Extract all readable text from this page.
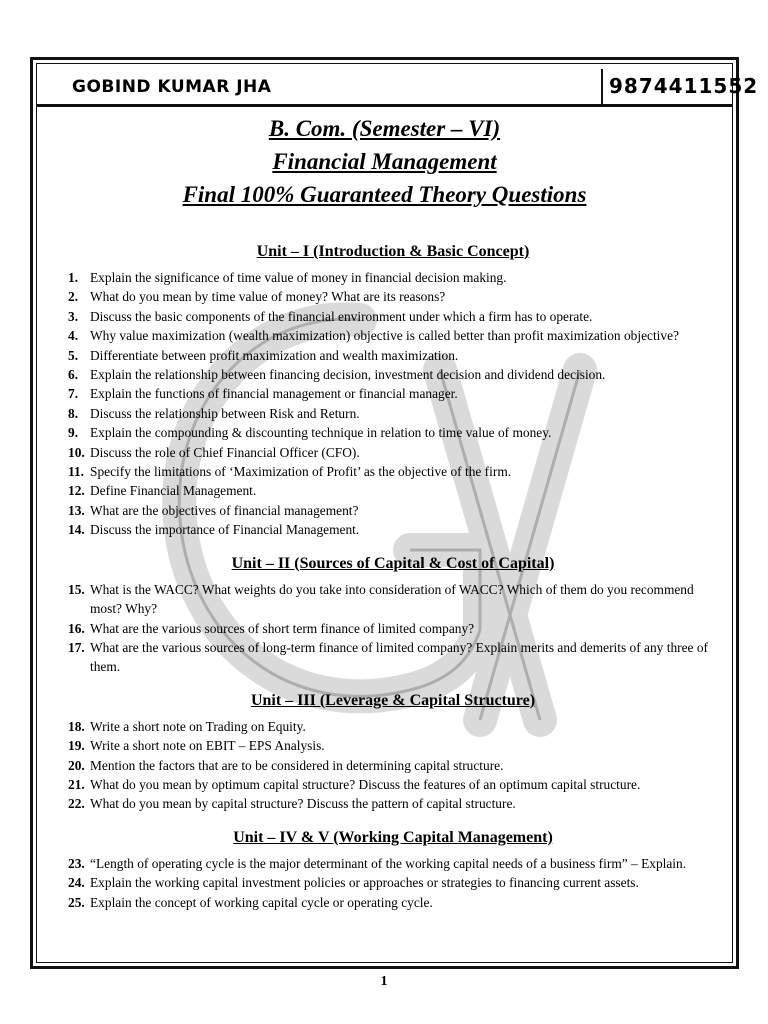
GOBIND KUMAR JHA	9874411552
B. Com. (Semester – VI)
Financial Management
Final 100% Guaranteed Theory Questions
Unit – I (Introduction & Basic Concept)
1. Explain the significance of time value of money in financial decision making.
2. What do you mean by time value of money? What are its reasons?
3. Discuss the basic components of the financial environment under which a firm has to operate.
4. Why value maximization (wealth maximization) objective is called better than profit maximization objective?
5. Differentiate between profit maximization and wealth maximization.
6. Explain the relationship between financing decision, investment decision and dividend decision.
7. Explain the functions of financial management or financial manager.
8. Discuss the relationship between Risk and Return.
9. Explain the compounding & discounting technique in relation to time value of money.
10. Discuss the role of Chief Financial Officer (CFO).
11. Specify the limitations of ‘Maximization of Profit’ as the objective of the firm.
12. Define Financial Management.
13. What are the objectives of financial management?
14. Discuss the importance of Financial Management.
Unit – II (Sources of Capital & Cost of Capital)
15. What is the WACC? What weights do you take into consideration of WACC? Which of them do you recommend most? Why?
16. What are the various sources of short term finance of limited company?
17. What are the various sources of long-term finance of limited company? Explain merits and demerits of any three of them.
Unit – III (Leverage & Capital Structure)
18. Write a short note on Trading on Equity.
19. Write a short note on EBIT – EPS Analysis.
20. Mention the factors that are to be considered in determining capital structure.
21. What do you mean by optimum capital structure? Discuss the features of an optimum capital structure.
22. What do you mean by capital structure? Discuss the pattern of capital structure.
Unit – IV & V (Working Capital Management)
23. “Length of operating cycle is the major determinant of the working capital needs of a business firm” – Explain.
24. Explain the working capital investment policies or approaches or strategies to financing current assets.
25. Explain the concept of working capital cycle or operating cycle.
1
